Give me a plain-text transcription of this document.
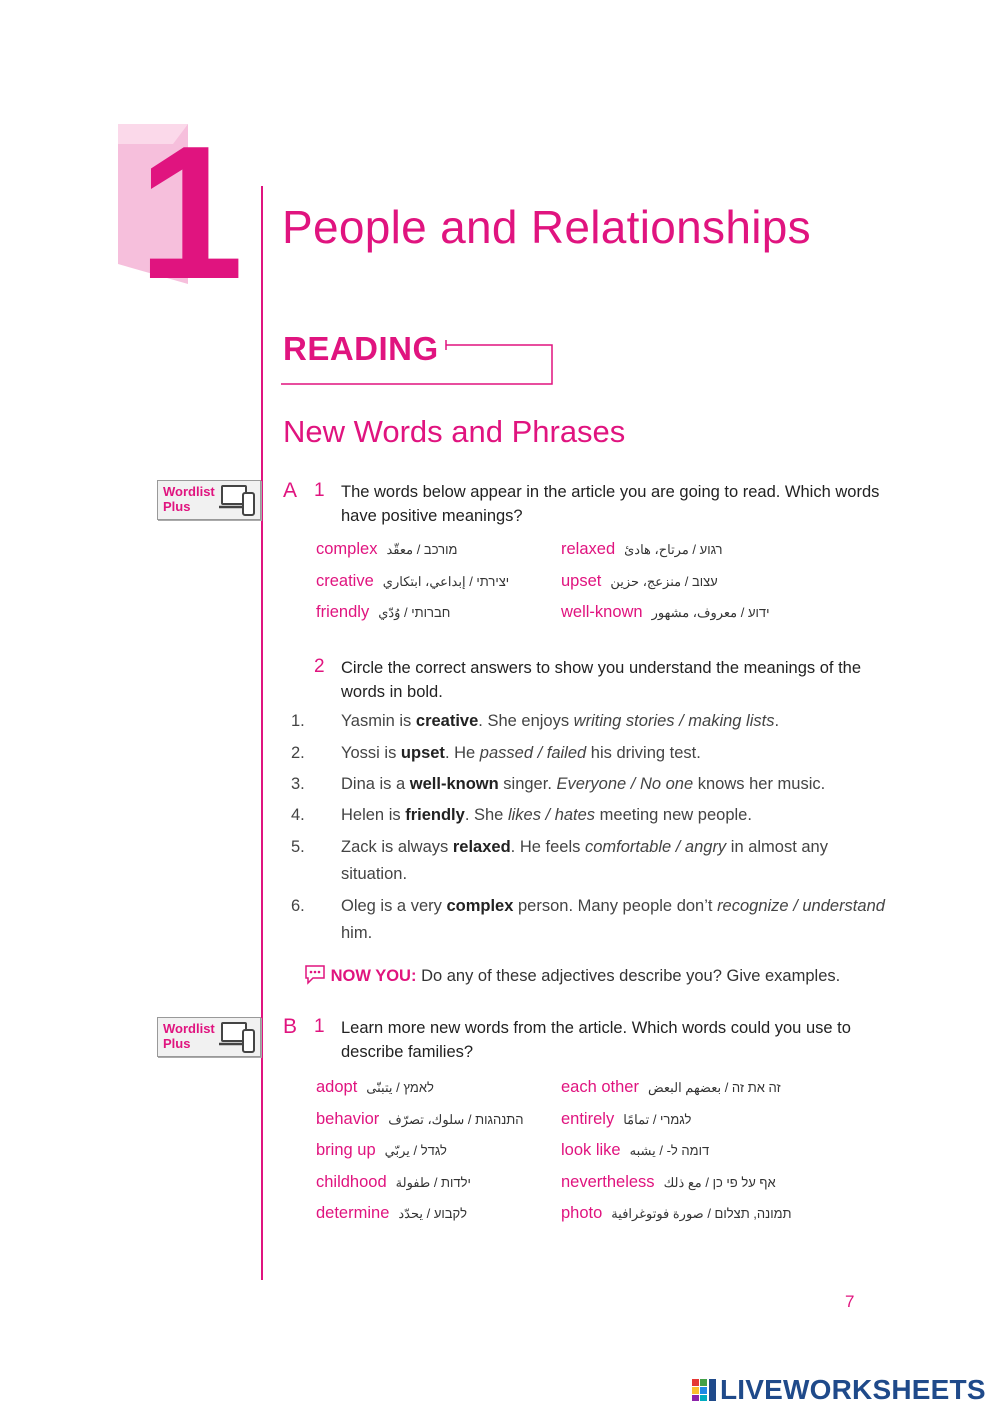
1 People and Relationships
READING
New Words and Phrases
Wordlist
Plus
A 1 The words below appear in the article you are going to read. Which words have positive meanings?
complex מורכב / معقّد	relaxed רגוע / مرتاح، هادئ
creative יצירתי / إبداعي، ابتكاري	upset עצוב / منزعج، حزين
friendly חברותי / وُدّي	well-known ידוע / معروف، مشهور
2 Circle the correct answers to show you understand the meanings of the words in bold.
1. Yasmin is creative. She enjoys writing stories / making lists.
2. Yossi is upset. He passed / failed his driving test.
3. Dina is a well-known singer. Everyone / No one knows her music.
4. Helen is friendly. She likes / hates meeting new people.
5. Zack is always relaxed. He feels comfortable / angry in almost any situation.
6. Oleg is a very complex person. Many people don’t recognize / understand him.
NOW YOU: Do any of these adjectives describe you? Give examples.
Wordlist
Plus
B 1 Learn more new words from the article. Which words could you use to describe families?
adopt לאמץ / يتبنّى	each other זה את זה / بعضهم البعض
behavior התנהגות / سلوك، تصرّف entirely לגמרי / تمامًا
bring up לגדל / يربّي	look like דומה ל- / يشبه
childhood ילדות / طفولة	nevertheless אף על פי כן / مع ذلك
determine לקבוע / يحدّد	photo תמונה, תצלום / صورة فوتوغرافية
7
LIVEWORKSHEETS
